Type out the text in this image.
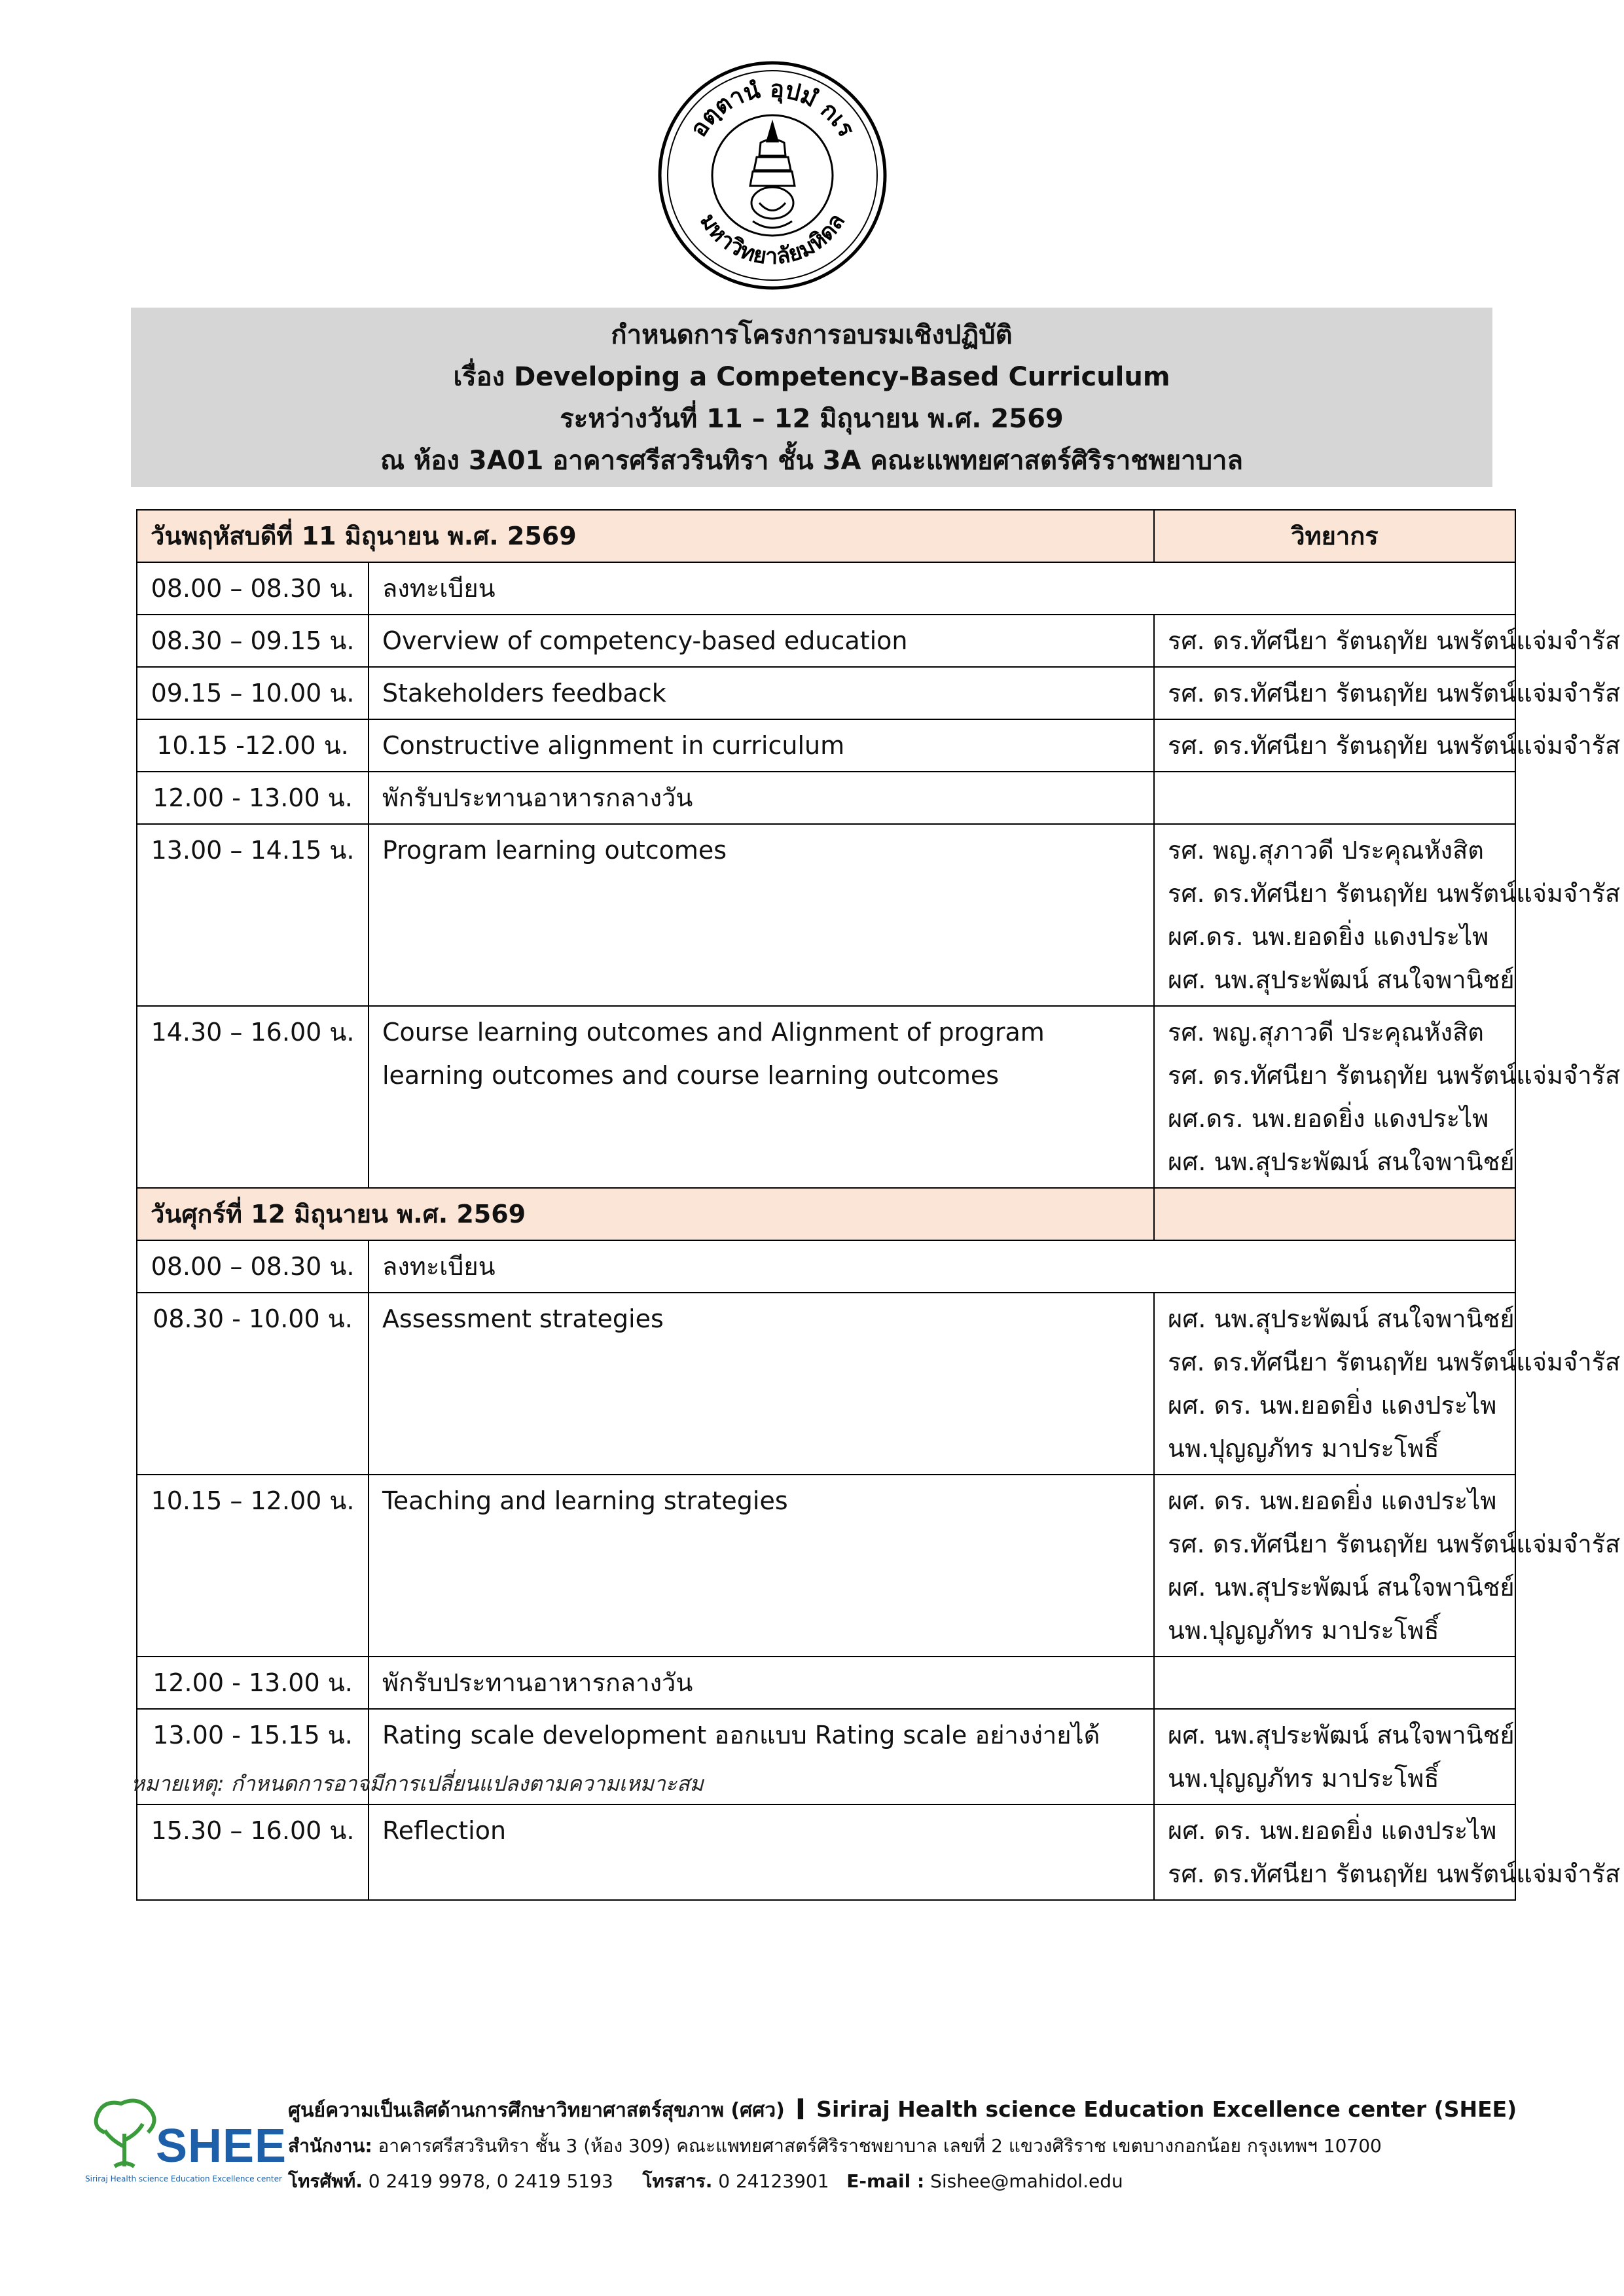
อตฺตานํ อุปมํ กเร
มหาวิทยาลัยมหิดล
กำหนดการโครงการอบรมเชิงปฏิบัติ
เรื่อง Developing a Competency-Based Curriculum
ระหว่างวันที่ 11 – 12 มิถุนายน พ.ศ. 2569
ณ ห้อง 3A01 อาคารศรีสวรินทิรา ชั้น 3A คณะแพทยศาสตร์ศิริราชพยาบาล
วันพฤหัสบดีที่ 11 มิถุนายน พ.ศ. 2569		วิทยากร
08.00 – 08.30 น.	ลงทะเบียน	
08.30 – 09.15 น.	Overview of competency-based education	รศ. ดร.ทัศนียา รัตนฤทัย นพรัตน์แจ่มจำรัส

09.15 – 10.00 น.	Stakeholders feedback	รศ. ดร.ทัศนียา รัตนฤทัย นพรัตน์แจ่มจำรัส

10.15 -12.00 น.	Constructive alignment in curriculum	รศ. ดร.ทัศนียา รัตนฤทัย นพรัตน์แจ่มจำรัส

12.00 - 13.00 น.	พักรับประทานอาหารกลางวัน	
13.00 – 14.15 น.	Program learning outcomes	รศ. พญ.สุภาวดี ประคุณหังสิต
รศ. ดร.ทัศนียา รัตนฤทัย นพรัตน์แจ่มจำรัส
ผศ.ดร. นพ.ยอดยิ่ง แดงประไพ
ผศ. นพ.สุประพัฒน์ สนใจพานิชย์

14.30 – 16.00 น.	Course learning outcomes and Alignment of program learning outcomes and course learning outcomes	รศ. พญ.สุภาวดี ประคุณหังสิต
รศ. ดร.ทัศนียา รัตนฤทัย นพรัตน์แจ่มจำรัส
ผศ.ดร. นพ.ยอดยิ่ง แดงประไพ
ผศ. นพ.สุประพัฒน์ สนใจพานิชย์

วันศุกร์ที่ 12 มิถุนายน พ.ศ. 2569		
08.00 – 08.30 น.	ลงทะเบียน	
08.30 - 10.00 น.	Assessment strategies	ผศ. นพ.สุประพัฒน์ สนใจพานิชย์
รศ. ดร.ทัศนียา รัตนฤทัย นพรัตน์แจ่มจำรัส
ผศ. ดร. นพ.ยอดยิ่ง แดงประไพ
นพ.ปุญญภัทร มาประโพธิ์

10.15 – 12.00 น.	Teaching and learning strategies	ผศ. ดร. นพ.ยอดยิ่ง แดงประไพ
รศ. ดร.ทัศนียา รัตนฤทัย นพรัตน์แจ่มจำรัส
ผศ. นพ.สุประพัฒน์ สนใจพานิชย์
นพ.ปุญญภัทร มาประโพธิ์

12.00 - 13.00 น.	พักรับประทานอาหารกลางวัน	
13.00 - 15.15 น.	Rating scale development ออกแบบ Rating scale อย่างง่ายได้	ผศ. นพ.สุประพัฒน์ สนใจพานิชย์
นพ.ปุญญภัทร มาประโพธิ์

15.30 – 16.00 น.	Reflection	ผศ. ดร. นพ.ยอดยิ่ง แดงประไพ
รศ. ดร.ทัศนียา รัตนฤทัย นพรัตน์แจ่มจำรัส
หมายเหตุ: กำหนดการอาจมีการเปลี่ยนแปลงตามความเหมาะสม
SHEE
Siriraj Health science Education Excellence center
ศูนย์ความเป็นเลิศด้านการศึกษาวิทยาศาสตร์สุขภาพ (ศศว) I Siriraj Health science Education Excellence center (SHEE)
สำนักงาน: อาคารศรีสวรินทิรา ชั้น 3 (ห้อง 309) คณะแพทยศาสตร์ศิริราชพยาบาล เลขที่ 2 แขวงศิริราช เขตบางกอกน้อย กรุงเทพฯ 10700
โทรศัพท์. 0 2419 9978, 0 2419 5193 โทรสาร. 0 24123901 E-mail : Sishee@mahidol.edu
